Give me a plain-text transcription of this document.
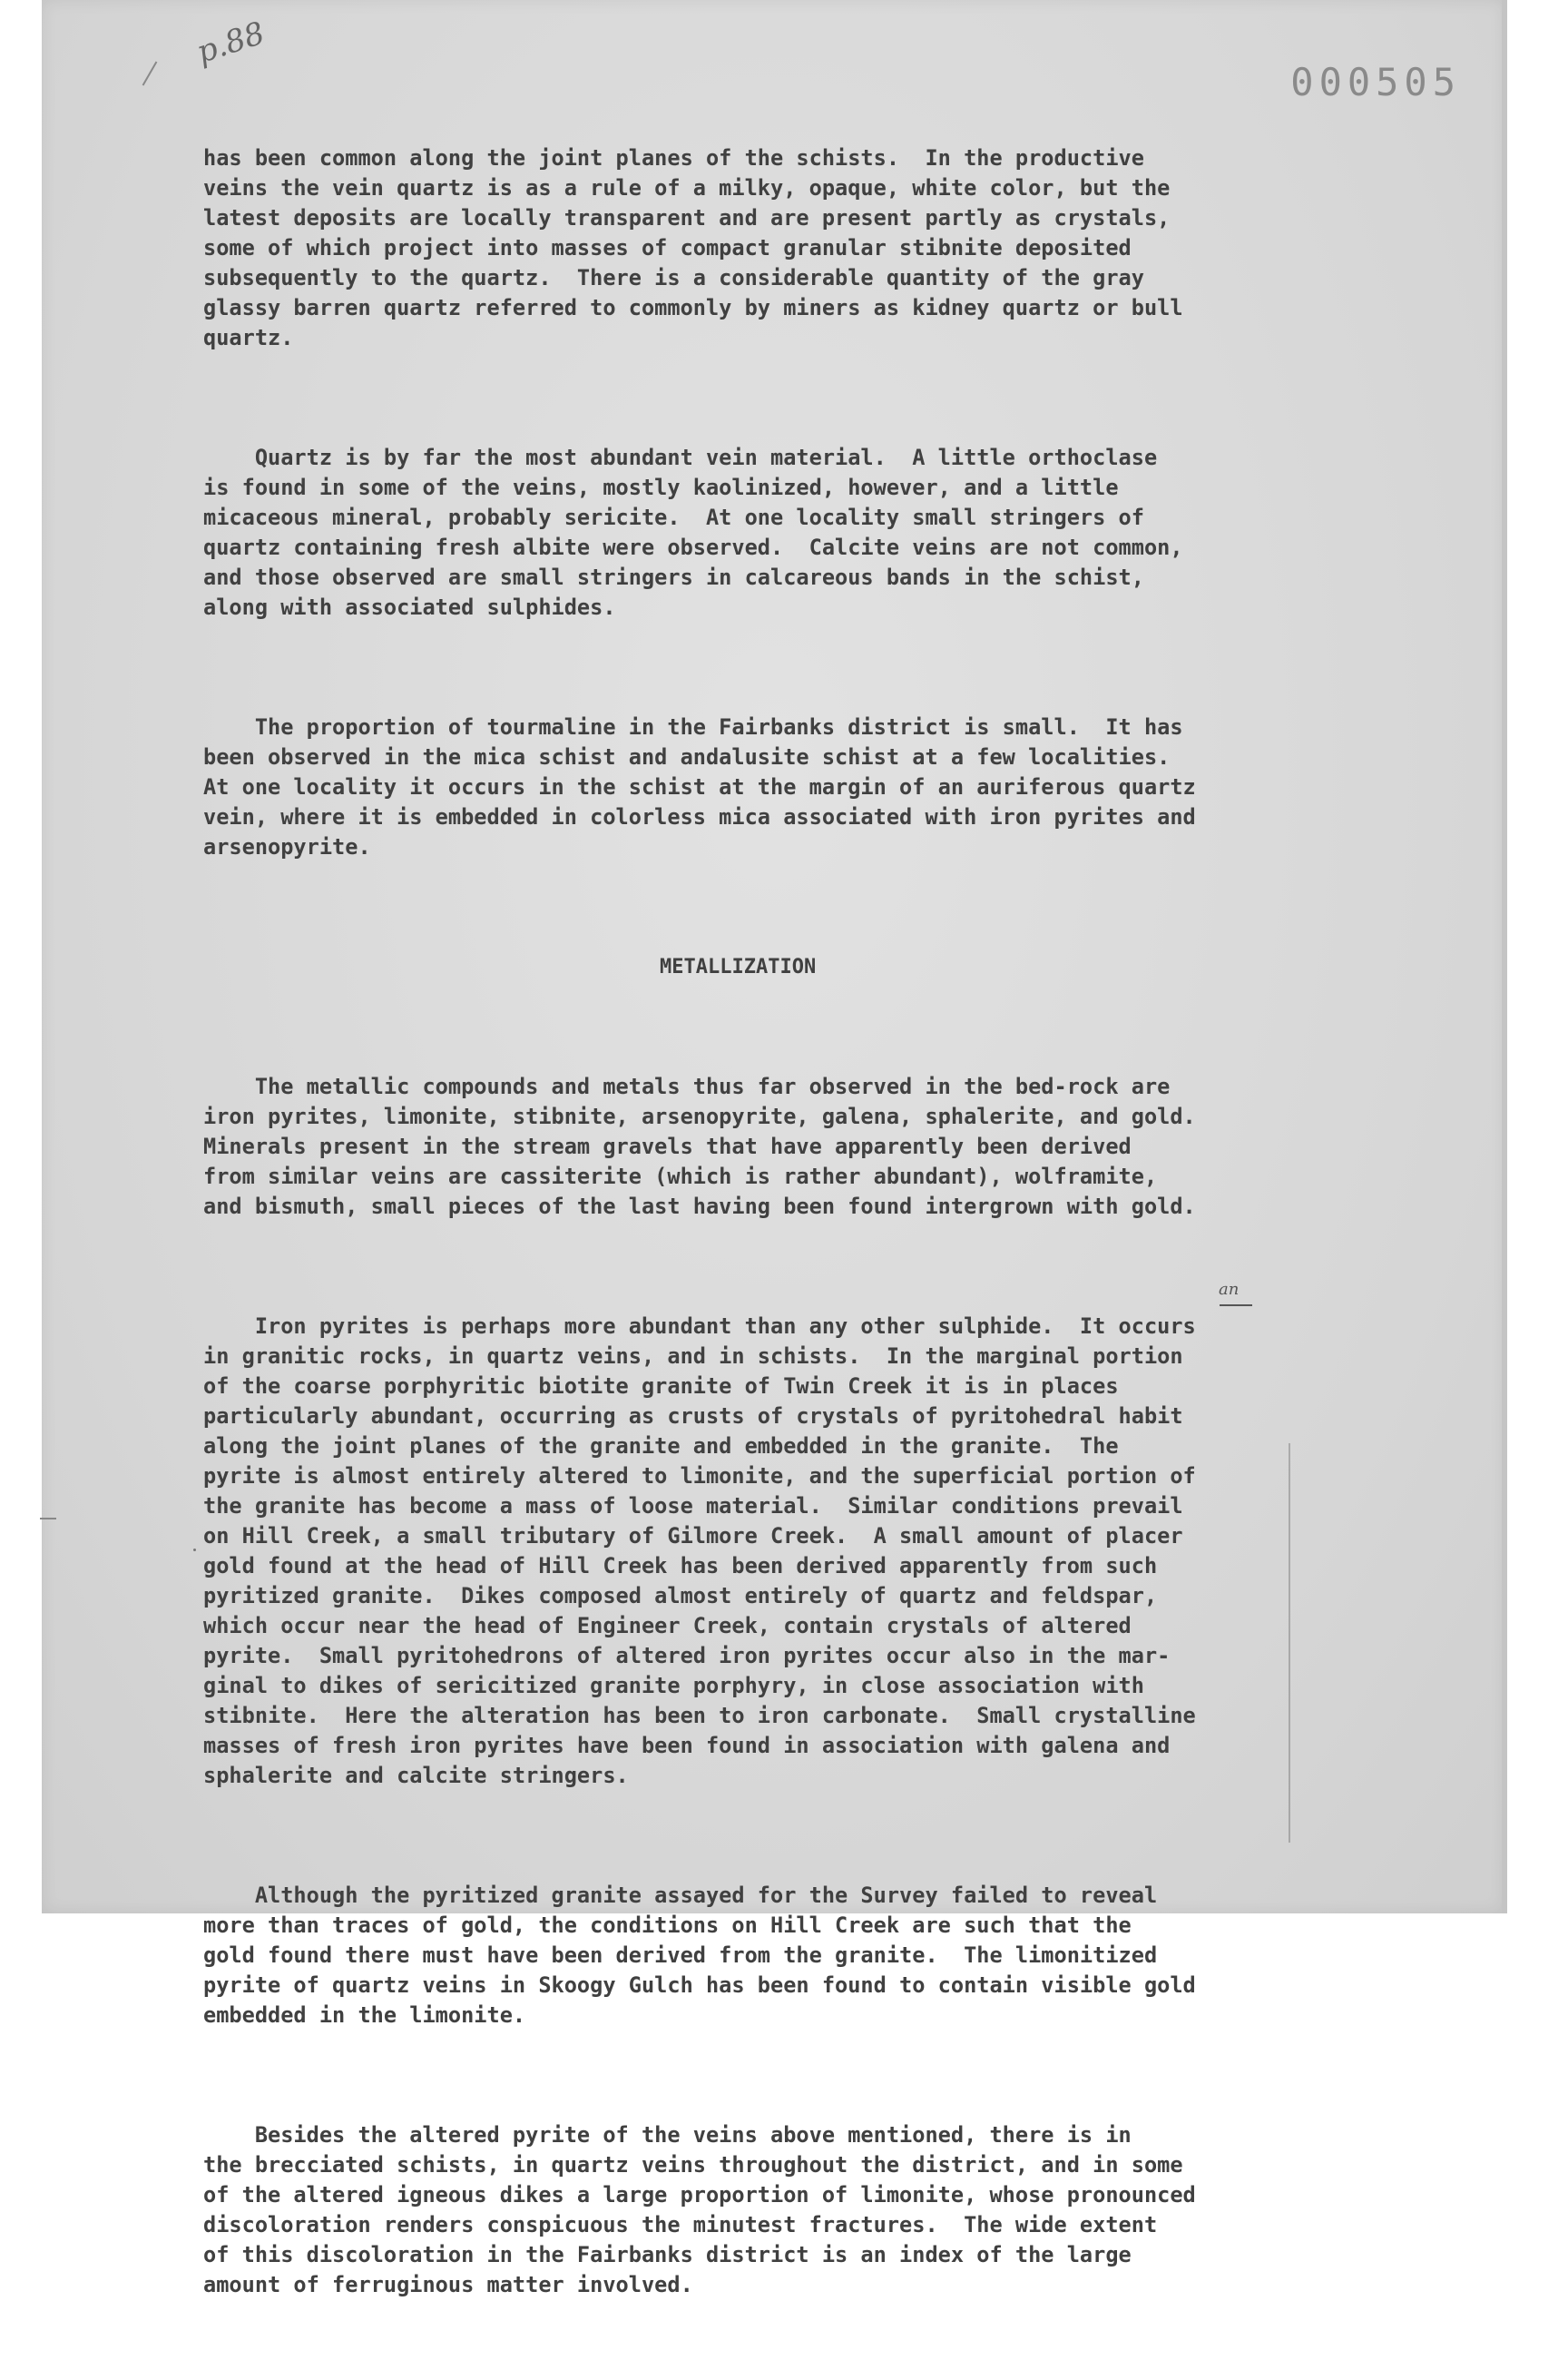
p.88
000505

has been common along the joint planes of the schists.  In the productive
veins the vein quartz is as a rule of a milky, opaque, white color, but the
latest deposits are locally transparent and are present partly as crystals,
some of which project into masses of compact granular stibnite deposited
subsequently to the quartz.  There is a considerable quantity of the gray
glassy barren quartz referred to commonly by miners as kidney quartz or bull
quartz.

Quartz is by far the most abundant vein material.  A little orthoclase
is found in some of the veins, mostly kaolinized, however, and a little
micaceous mineral, probably sericite.  At one locality small stringers of
quartz containing fresh albite were observed.  Calcite veins are not common,
and those observed are small stringers in calcareous bands in the schist,
along with associated sulphides.

The proportion of tourmaline in the Fairbanks district is small.  It has
been observed in the mica schist and andalusite schist at a few localities.
At one locality it occurs in the schist at the margin of an auriferous quartz
vein, where it is embedded in colorless mica associated with iron pyrites and
arsenopyrite.

METALLIZATION

The metallic compounds and metals thus far observed in the bed-rock are
iron pyrites, limonite, stibnite, arsenopyrite, galena, sphalerite, and gold.
Minerals present in the stream gravels that have apparently been derived
from similar veins are cassiterite (which is rather abundant), wolframite,
and bismuth, small pieces of the last having been found intergrown with gold.

Iron pyrites is perhaps more abundant than any other sulphide.  It occurs
in granitic rocks, in quartz veins, and in schists.  In the marginal portion
of the coarse porphyritic biotite granite of Twin Creek it is in places
particularly abundant, occurring as crusts of crystals of pyritohedral habit
along the joint planes of the granite and embedded in the granite.  The
pyrite is almost entirely altered to limonite, and the superficial portion of
the granite has become a mass of loose material.  Similar conditions prevail
on Hill Creek, a small tributary of Gilmore Creek.  A small amount of placer
gold found at the head of Hill Creek has been derived apparently from such
pyritized granite.  Dikes composed almost entirely of quartz and feldspar,
which occur near the head of Engineer Creek, contain crystals of altered
pyrite.  Small pyritohedrons of altered iron pyrites occur also in the mar-
ginal to dikes of sericitized granite porphyry, in close association with
stibnite.  Here the alteration has been to iron carbonate.  Small crystalline
masses of fresh iron pyrites have been found in association with galena and
sphalerite and calcite stringers.

Although the pyritized granite assayed for the Survey failed to reveal
more than traces of gold, the conditions on Hill Creek are such that the
gold found there must have been derived from the granite.  The limonitized
pyrite of quartz veins in Skoogy Gulch has been found to contain visible gold
embedded in the limonite.

Besides the altered pyrite of the veins above mentioned, there is in
the brecciated schists, in quartz veins throughout the district, and in some
of the altered igneous dikes a large proportion of limonite, whose pronounced
discoloration renders conspicuous the minutest fractures.  The wide extent
of this discoloration in the Fairbanks district is an index of the large
amount of ferruginous matter involved.

an
